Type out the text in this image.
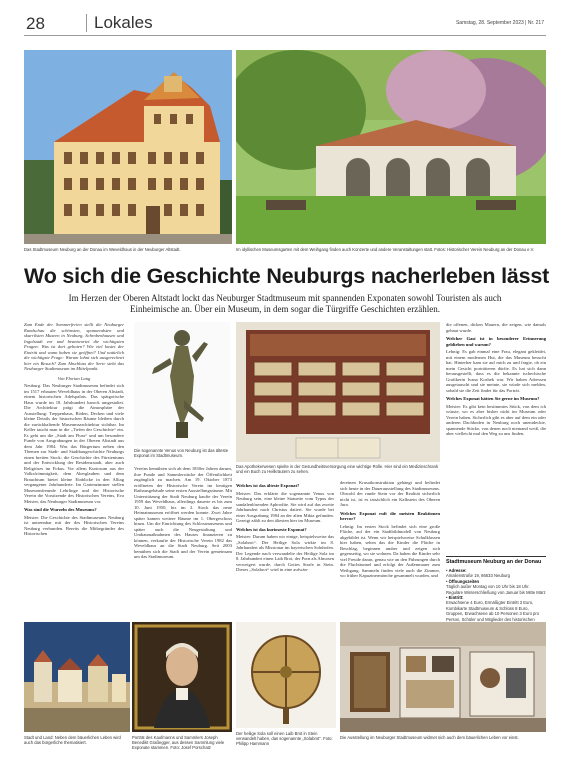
28	Lokales	Samstag, 28. September 2023 | Nr. 217
Das Stadtmuseum Neuburg an der Donau im Weveldhaus in der Neuburger Altstadt.	Im idyllischen Museumsgarten mit dem Weihgang finden auch Konzerte und andere Veranstaltungen statt. Fotos: Historischer Verein Neuburg an der Donau e.V.
Wo sich die Geschichte Neuburgs nacherleben lässt
Im Herzen der Oberen Altstadt lockt das Neuburger Stadtmuseum mit spannenden Exponaten sowohl Touristen als auch Einheimische an. Über ein Museum, in dem sogar die Türgriffe Geschichten erzählen.

Zum Ende der Sommerferien stellt die Neuburger Rundschau die schönsten, spannendsten und skurrilsten Museen in Neuburg, Schrobenhausen und Ingolstadt vor und beantwortet die wichtigsten Fragen: Was ist dort geboten? Wie viel kostet der Eintritt und wann haben sie geöffnet? Und natürlich die wichtigste Frage: Warum lohnt sich ausgerechnet hier ein Besuch? Zum Abschluss der Serie steht das Neuburger Stadtmuseum im Mittelpunkt.

Von Florian Lang

Neuburg. Das Neuburger Stadtmuseum befindet sich im 1517 erbauten Weveldhaus in der Oberen Altstadt, einem historischen Adelspalais. Das spätgotische Haus wurde im 18. Jahrhundert barock umgestaltet. Die Architektur prägt die Atmosphäre der Ausstellung: Treppenhaus, Böden, Decken und viele kleine Details der historischen Räume bleiben durch die zurückhaltende Museumsarchitektur sichtbar. Im Keller taucht man in die „Tiefen der Geschichte“ ein. Es geht um die „Stadt am Fluss“ und um besondere Funde von Ausgrabungen in der Oberen Altstadt aus dem Jahr 1984. Was das Bürgertum neben den Themen zur Stadt- und Stadtbaugeschichte Neuburgs einen breiten Stock: die Geschichte des Fürstentums und der Entwicklung der Residenzstadt, aber auch Religiöses im Fokus. Vor allem Kuriosum aus der Volksfrömmigkeit, dem Aberglauben und dem Brauchtum bietet kleine Einblicke in den Alltag vergangener Jahrhunderte. Im Gartenzimmer stellen Museumsfreunde Lehrlinge und der Historische Verein die Vorsitzende des Historischen Vereins, Eva Meister, das Neuburger Stadtmuseum vor.

Was sind die Wurzeln des Museums?

Meister: Die Geschichte des Stadtmuseums Neuburg ist untrennbar mit der des Historischen Vereins Neuburg verbunden. Bereits die Mitbegründer des Historischen

Die sogenannte Venus von Neuburg ist das älteste Exponat im Stadtmuseum.
Das Apothekerwesen spielte in der Gesundheitsversorgung eine wichtige Rolle. Hier sind ein Medizinschrank und ein Buch zu Heilkräutern zu sehen.

Vereins bemühten sich ab dem 1830er Jahren darum, ihre Funde und Sammlerstücke der Öffentlichkeit zugänglich zu machen. Am 19. Oktober 1873 eröffneten der Historische Verein im heutigen Rathausgebäude seine ersten Ausstellungsräume. Mit Unterstützung der Stadt Neuburg kaufte der Verein 1959 das Weveldhaus, allerdings dauerte es bis zum 10. Juni 1950, bis im 2. Stock das neue Heimatmuseum eröffnet werden konnte. Zwei Jahre später kamen weitere Räume im 1. Obergeschoss hinzu. Um die Einrichtung des Schlossmuseums und später auch die Neugestaltung und Umbaumaßnahmen des Hauses finanzieren zu können, verkaufte der Historische Verein 1982 das Weveldhaus an die Stadt Neuburg. Seit 2003 bemühen sich die Stadt und der Verein gemeinsam um das Stadtmuseum.

Welches ist das älteste Exponat?

Meister: Das erklärte die sogenannte Venus von Neuburg sein, eine kleine Statuette vom Typus der sandalenlösenden Aphrodite. Sie wird auf das zweite Jahrhundert nach Christus datiert. Sie wurde bei einer Ausgrabung 1984 an der alten Mikta gefunden. Gezeigt zählt zu den ältesten hier im Museum.

Welches ist das kurioseste Exponat?

Meister: Darum haben wir einige, beispielsweise das „Solabrot“. Der Heilige Sola wirkte im 8. Jahrhundert als Missionar im bayerischen Solnhofen. Der Legende nach verwandelte der Heilige Sola im 8. Jahrhundert einen Laib Brot, der Porn als Almosen verweigert wurde, durch Gottes Strafe in Stein. Dieses „Solabrot“ wird in eine aufwän-

dereinen Krusaikonstruktion gehängt und befindet sich heute in der Dauerausstellung des Stadtmuseums. Obwohl der runde Stein vor der Realität sicherlich nicht ist, ist es tatsächlich ein Kalkstein des Oberen Jura.

Welches Exponat ruft die meisten Reaktionen hervor?

Lehnig: Im ersten Stock befindet sich eine große Fläche, auf der ein Stadtbildmodell von Neuburg abgebildet ist. Wenn wir beispielsweise Schulklassen hier haben, sehen das die Kinder die Fläche in Beschlag, beginnen umher und zeigen sich gegenseitig, wo sie wohnen. Da haben die Kinder sehr viel Freude daran, genau wie an den Führungen durch die Fluchttunnel und erfolgt der Außenmauer zum Weihgang. Sammeln finden viele auch die Zimmer, wo früher Kapuzinermönche gesammelt wurden, und

die offenen, dicken Mauern, die zeigen, wie damals gebaut wurde.

Welcher Gast ist in besonderer Erinnerung geblieben und warum?

Lehnig: Es gab einmal eine Frau, elegant gekleidet, mit einem modernen Hut, die das Museum besucht hat. Hinterher kam sie auf mich zu und fragte, ob ein mein Gesicht porträtieren dürfte. Es hat sich dann herausgestellt, dass es die bekannte tschechische Grafikerin Ivana Kosbek war. Wir haben Adressen ausgetauscht und sie meinte, sie würde sich melden, sobald sie die Zeit findet für das Porträt.

Welches Exponat hätten Sie gerne im Museum?

Meister: Es gibt kein bestimmtes Stück, von dem ich wüsste, wo es aber bisher nicht im Museum oder Verein haben. Sicherlich gibt es aber auf dem ein oder anderen Dachboden in Neuburg noch unentdeckte, spannende Stücke, von denen noch niemand weiß, die aber vielleicht mal den Weg zu uns finden.

Stadtmuseum Neuburg an der Donau
• Adresse:
Amalienstraße 19, 86633 Neuburg
• Öffnungszeiten
Täglich außer Montag von 10 Uhr bis 18 Uhr. Reguläre Winterschließung von Januar bis Mitte März
• Eintritt:
Erwachsene 4 Euro, Ermäßigter Eintritt 3 Euro, Kombikarte Stadtmuseum & Schloss 8 Euro, Gruppen, Erwachsene ab 10 Personen 3 Euro pro Person, Schüler und Mitglieder des historischen
Stadt und Land: Neben dem bäuerlichen Leben wird auch das bürgerliche thematisiert.
Porträt des Kaufmanns und Sammlers Joseph Benedikt Graßegger, aus dessen Sammlung viele Exponate stammen. Foto: Josef Porschatz
Der heilige Sola soll einen Laib Brot in Stein verwandelt haben, das sogenannte „Solabrot“. Foto: Philipp Hammann
Die Ausstellung im Neuburger Stadtmuseum widmet sich auch dem bäuerlichen Leben vor einst.
